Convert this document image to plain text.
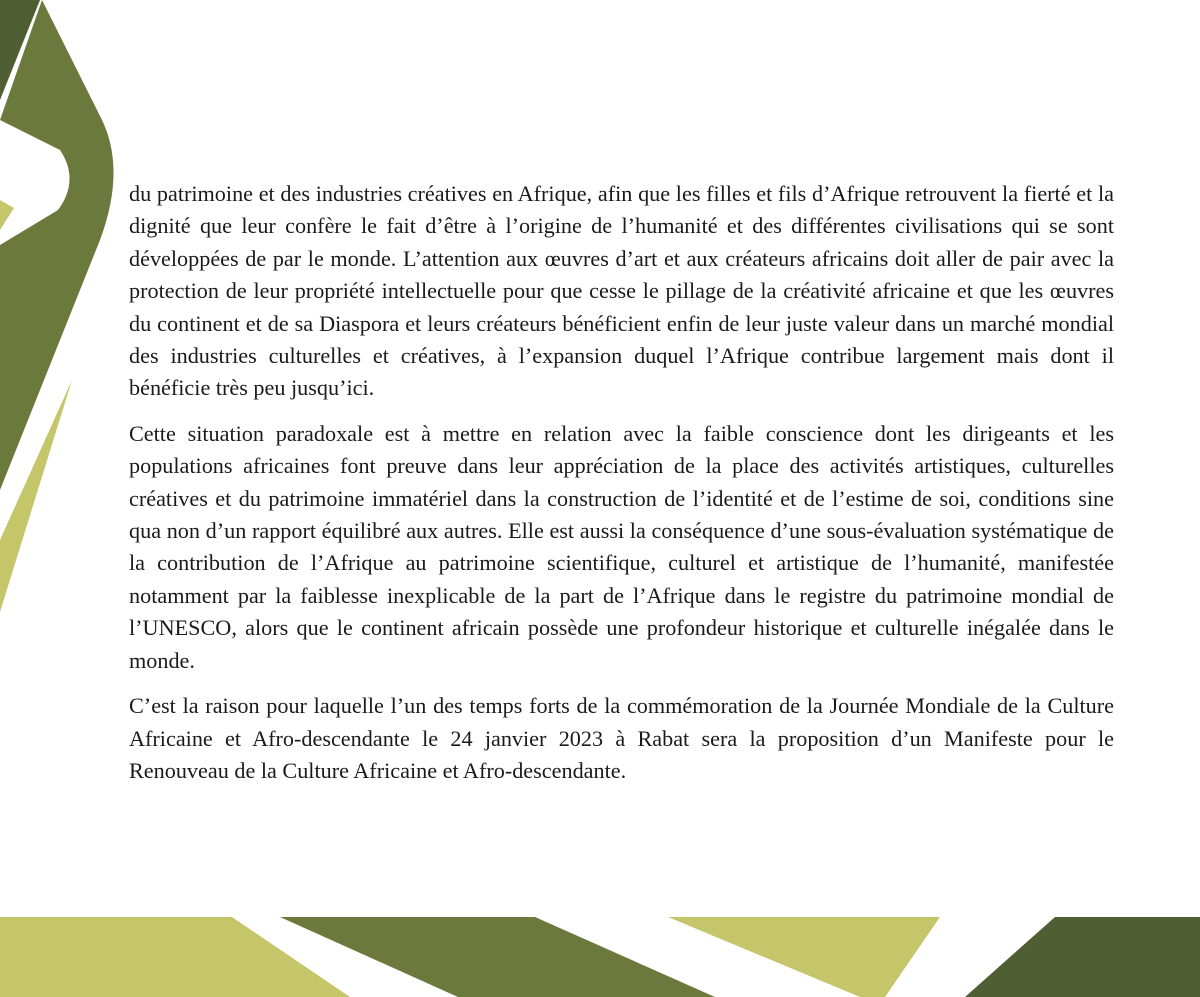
du patrimoine et des industries créatives en Afrique, afin que les filles et fils d’Afrique retrouvent la fierté et la dignité que leur confère le fait d’être à l’origine de l’humanité et des différentes civilisations qui se sont développées de par le monde. L’attention aux œuvres d’art et aux créateurs africains doit aller de pair avec la protection de leur propriété intellectuelle pour que cesse le pillage de la créativité africaine et que les œuvres du continent et de sa Diaspora et leurs créateurs bénéficient enfin de leur juste valeur dans un marché mondial des industries culturelles et créatives, à l’expansion duquel l’Afrique contribue largement mais dont il bénéficie très peu jusqu’ici.

Cette situation paradoxale est à mettre en relation avec la faible conscience dont les dirigeants et les populations africaines font preuve dans leur appréciation de la place des activités artistiques, culturelles créatives et du patrimoine immatériel dans la construction de l’identité et de l’estime de soi, conditions sine qua non d’un rapport équilibré aux autres. Elle est aussi la conséquence d’une sous-évaluation systématique de la contribution de l’Afrique au patrimoine scientifique, culturel et artistique de l’humanité, manifestée notamment par la faiblesse inexplicable de la part de l’Afrique dans le registre du patrimoine mondial de l’UNESCO, alors que le continent africain possède une profondeur historique et culturelle inégalée dans le monde.

C’est la raison pour laquelle l’un des temps forts de la commémoration de la Journée Mondiale de la Culture Africaine et Afro-descendante le 24 janvier 2023 à Rabat sera la proposition d’un Manifeste pour le Renouveau de la Culture Africaine et Afro-descendante.
